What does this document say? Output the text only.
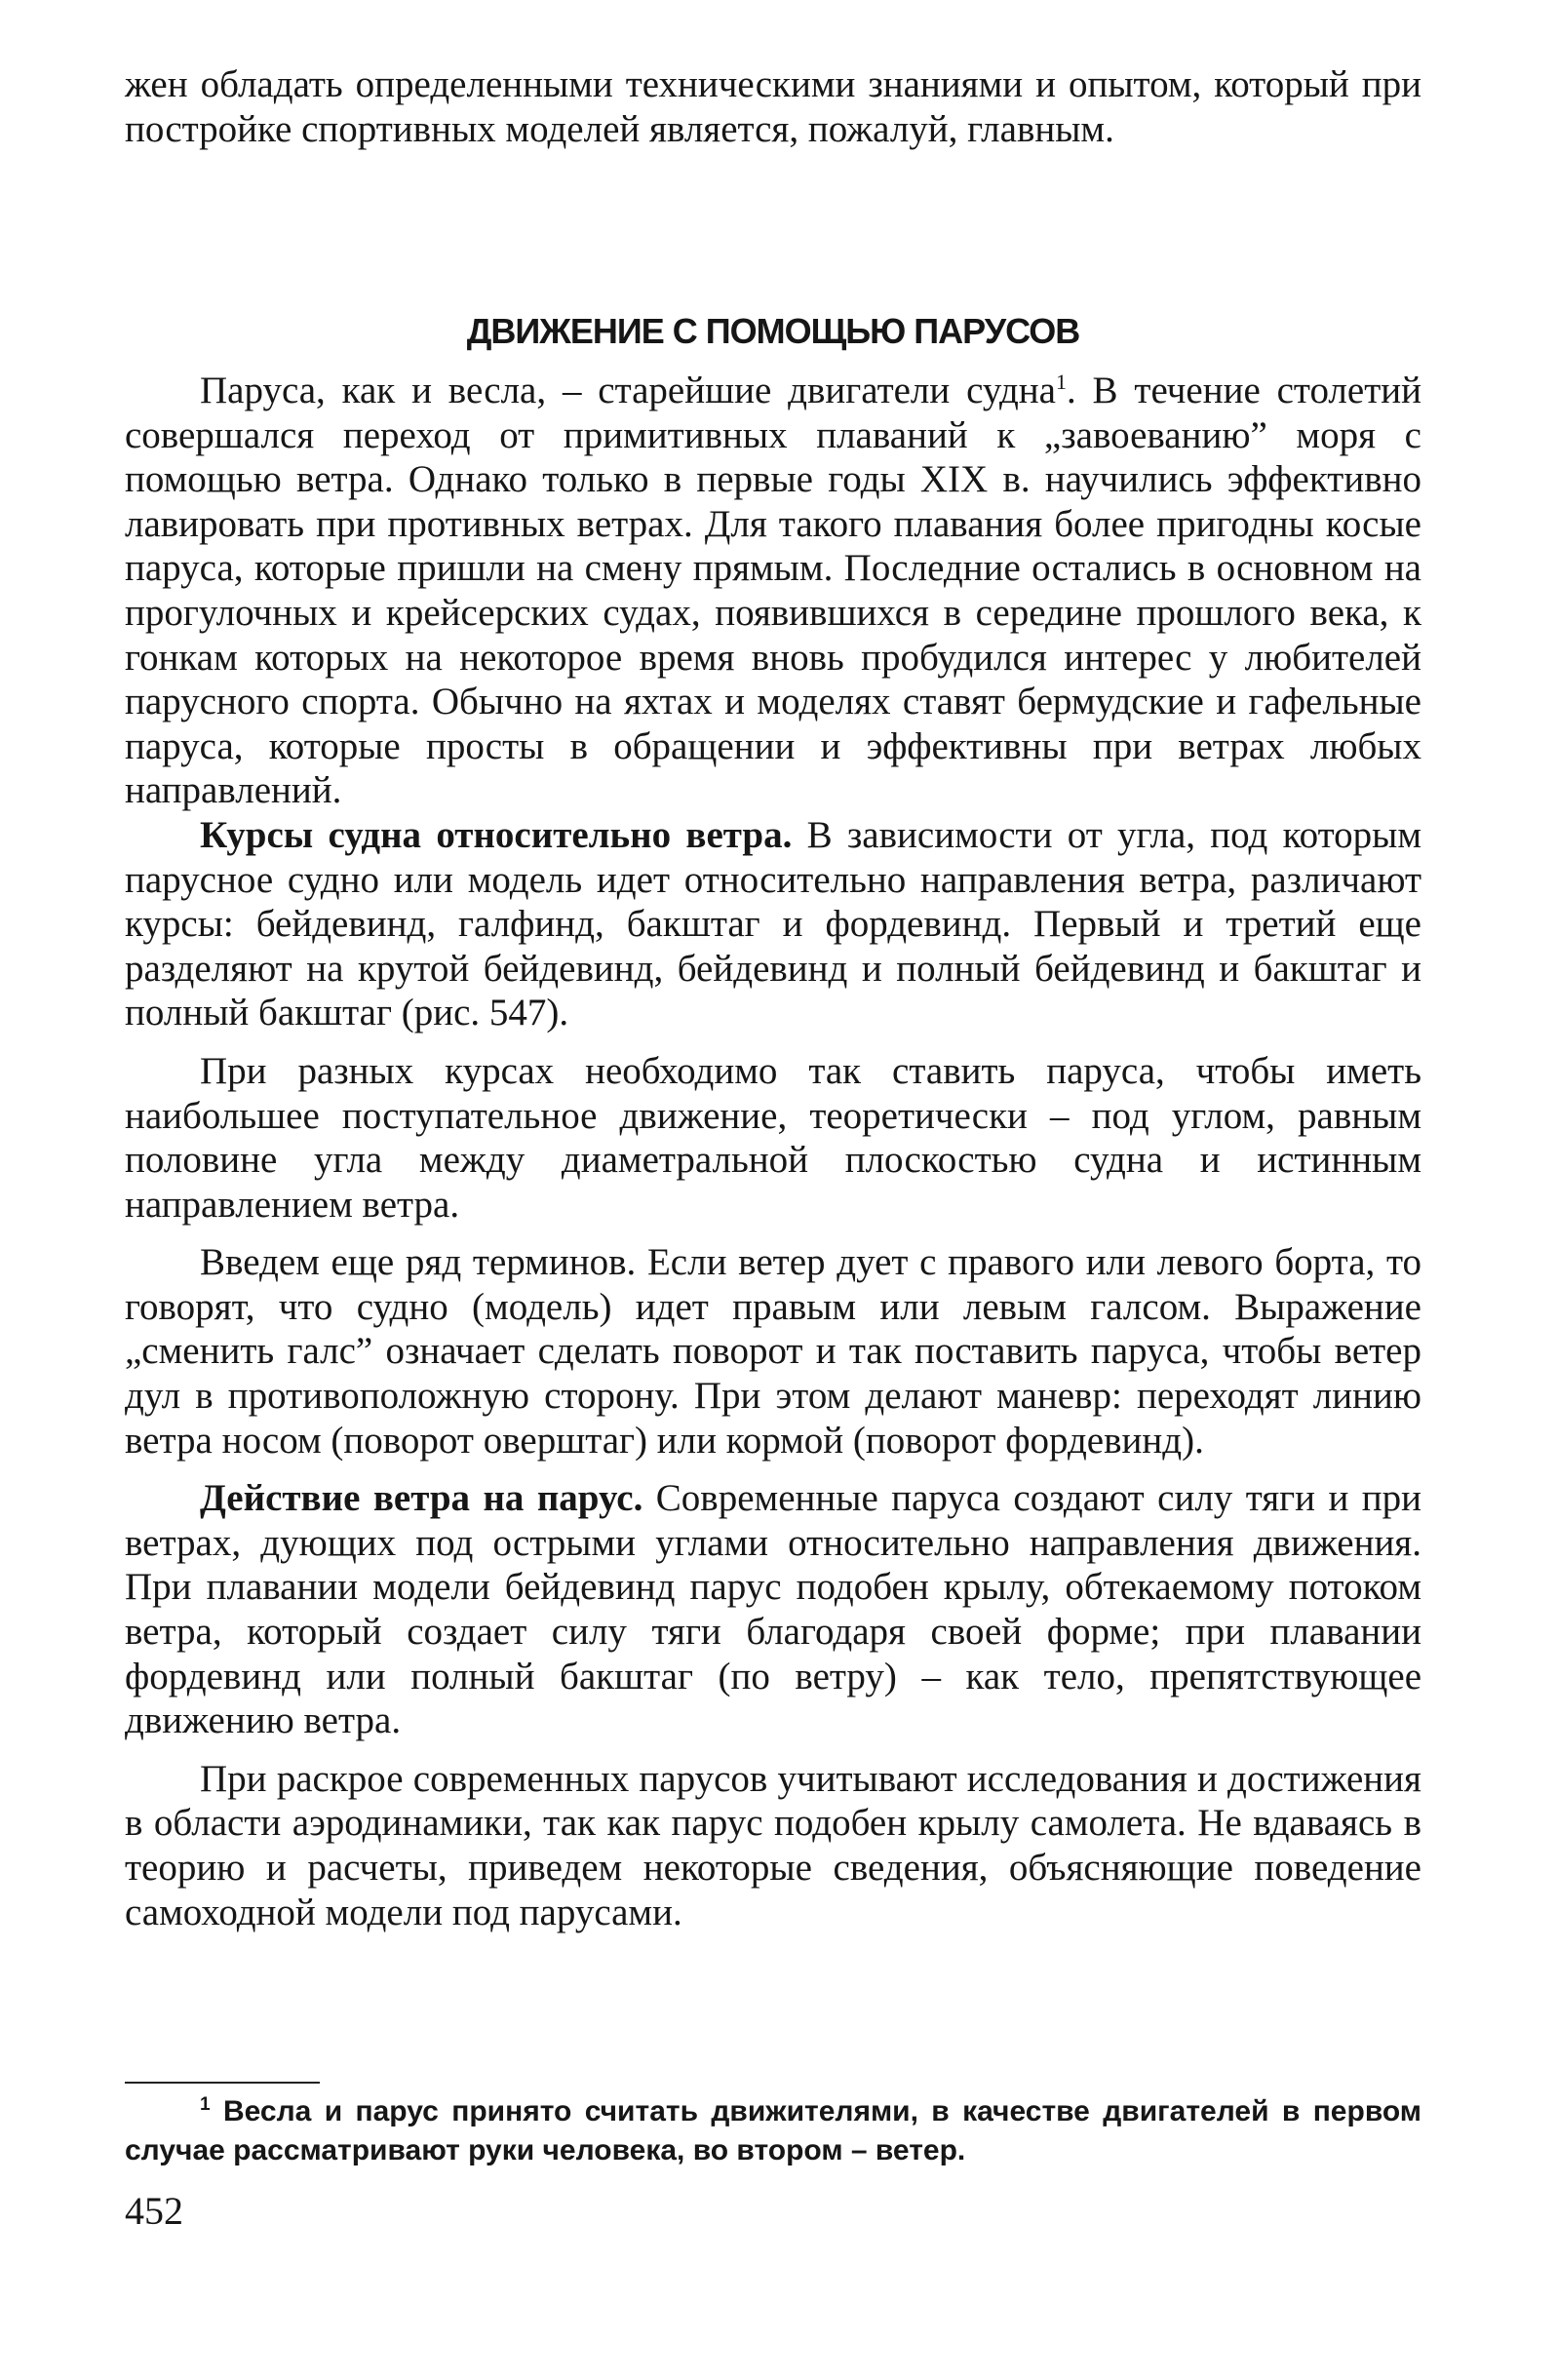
жен обладать определенными техническими знаниями и опытом, который при постройке спортивных моделей является, пожалуй, главным.

ДВИЖЕНИЕ С ПОМОЩЬЮ ПАРУСОВ

Паруса, как и весла, – старейшие двигатели судна$^1$. В течение столетий совершался переход от примитивных плаваний к „завоеванию” моря с помощью ветра. Однако только в первые годы XIX в. научились эффективно лавировать при противных ветрах. Для такого плавания более пригодны косые паруса, которые пришли на смену прямым. Последние остались в основном на прогулочных и крейсерских судах, появившихся в середине прошлого века, к гонкам которых на некоторое время вновь пробудился интерес у любителей парусного спорта. Обычно на яхтах и моделях ставят бермудские и гафельные паруса, которые просты в обращении и эффективны при ветрах любых направлений.

Курсы судна относительно ветра. В зависимости от угла, под которым парусное судно или модель идет относительно направления ветра, различают курсы: бейдевинд, галфинд, бакштаг и фордевинд. Первый и третий еще разделяют на крутой бейдевинд, бейдевинд и полный бейдевинд и бакштаг и полный бакштаг (рис. 547).

При разных курсах необходимо так ставить паруса, чтобы иметь наибольшее поступательное движение, теоретически – под углом, равным половине угла между диаметральной плоскостью судна и истинным направлением ветра.

Введем еще ряд терминов. Если ветер дует с правого или левого борта, то говорят, что судно (модель) идет правым или левым галсом. Выражение „сменить галс” означает сделать поворот и так поставить паруса, чтобы ветер дул в противоположную сторону. При этом делают маневр: переходят линию ветра носом (поворот оверштаг) или кормой (поворот фордевинд).

Действие ветра на парус. Современные паруса создают силу тяги и при ветрах, дующих под острыми углами относительно направления движения. При плавании модели бейдевинд парус подобен крылу, обтекаемому потоком ветра, который создает силу тяги благодаря своей форме; при плавании фордевинд или полный бакштаг (по ветру) – как тело, препятствующее движению ветра.

При раскрое современных парусов учитывают исследования и достижения в области аэродинамики, так как парус подобен крылу самолета. Не вдаваясь в теорию и расчеты, приведем некоторые сведения, объясняющие поведение самоходной модели под парусами.

$^1$ Весла и парус принято считать движителями, в качестве двигателей в первом случае рассматривают руки человека, во втором – ветер.

452
